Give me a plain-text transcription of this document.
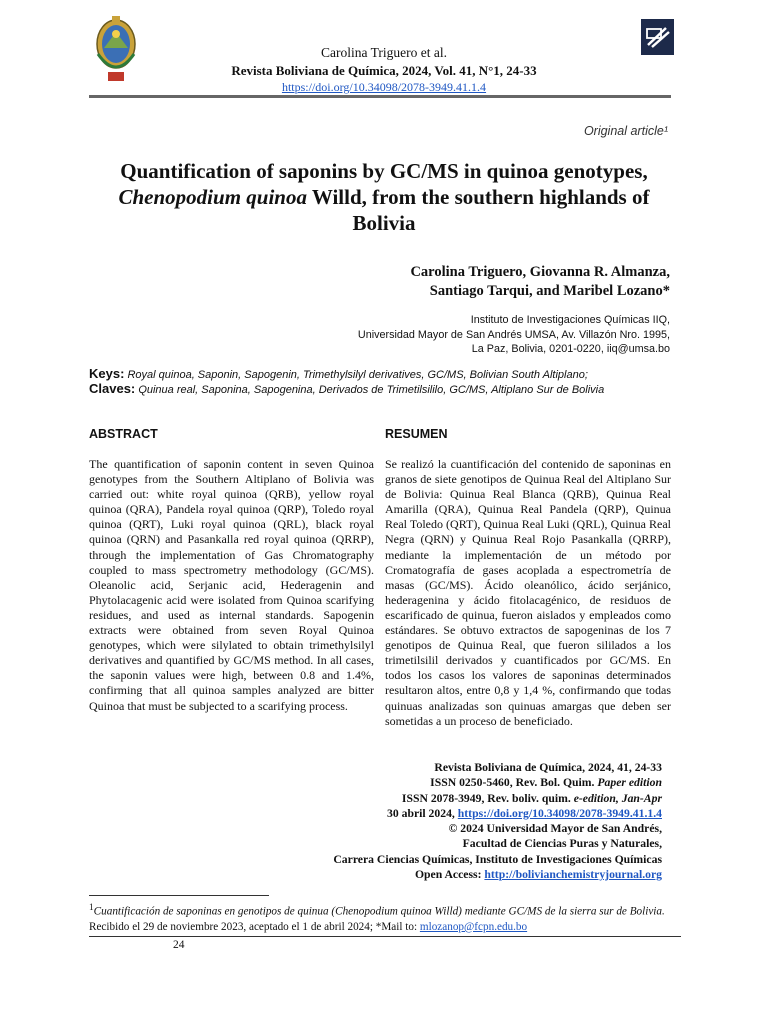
Carolina Triguero et al.
Revista Boliviana de Química, 2024, Vol. 41, N°1, 24-33
https://doi.org/10.34098/2078-3949.41.1.4
Original article¹
Quantification of saponins by GC/MS in quinoa genotypes,
Chenopodium quinoa Willd, from the southern highlands of Bolivia
Carolina Triguero, Giovanna R. Almanza,
Santiago Tarqui, and Maribel Lozano*
Instituto de Investigaciones Químicas IIQ,
Universidad Mayor de San Andrés UMSA, Av. Villazón Nro. 1995,
La Paz, Bolivia, 0201-0220, iiq@umsa.bo
Keys: Royal quinoa, Saponin, Sapogenin, Trimethylsilyl derivatives, GC/MS, Bolivian South Altiplano;
Claves: Quinua real, Saponina, Sapogenina, Derivados de Trimetilsililo, GC/MS, Altiplano Sur de Bolivia
ABSTRACT	RESUMEN
The quantification of saponin content in seven Quinoa genotypes from the Southern Altiplano of Bolivia was carried out: white royal quinoa (QRB), yellow royal quinoa (QRA), Pandela royal quinoa (QRP), Toledo royal quinoa (QRT), Luki royal quinoa (QRL), black royal quinoa (QRN) and Pasankalla red royal quinoa (QRRP), through the implementation of Gas Chromatography coupled to mass spectrometry methodology (GC/MS). Oleanolic acid, Serjanic acid, Hederagenin and Phytolacagenic acid were isolated from Quinoa scarifying residues, and used as internal standards. Sapogenin extracts were obtained from seven Royal Quinoa genotypes, which were silylated to obtain trimethylsilyl derivatives and quantified by GC/MS method. In all cases, the saponin values were high, between 0.8 and 1.4%, confirming that all quinoa samples analyzed are bitter Quinoa that must be subjected to a scarifying process.
Se realizó la cuantificación del contenido de saponinas en granos de siete genotipos de Quinua Real del Altiplano Sur de Bolivia: Quinua Real Blanca (QRB), Quinua Real Amarilla (QRA), Quinua Real Pandela (QRP), Quinua Real Toledo (QRT), Quinua Real Luki (QRL), Quinua Real Negra (QRN) y Quinua Real Rojo Pasankalla (QRRP), mediante la implementación de un método por Cromatografía de gases acoplada a espectrometría de masas (GC/MS). Ácido oleanólico, ácido serjánico, hederagenina y ácido fitolacagénico, de residuos de escarificado de quinua, fueron aislados y empleados como estándares. Se obtuvo extractos de sapogeninas de los 7 genotipos de Quinua Real, que fueron sililados a los trimetilsilil derivados y cuantificados por GC/MS. En todos los casos los valores de saponinas determinados resultaron altos, entre 0,8 y 1,4 %, confirmando que todas quinuas analizadas son quinuas amargas que deben ser sometidas a un proceso de beneficiado.
Revista Boliviana de Química, 2024, 41, 24-33
ISSN 0250-5460, Rev. Bol. Quim. Paper edition
ISSN 2078-3949, Rev. boliv. quim. e-edition, Jan-Apr
30 abril 2024, https://doi.org/10.34098/2078-3949.41.1.4
© 2024 Universidad Mayor de San Andrés,
Facultad de Ciencias Puras y Naturales,
Carrera Ciencias Químicas, Instituto de Investigaciones Químicas
Open Access: http://bolivianchemistryjournal.org
$^1$Cuantificación de saponinas en genotipos de quinua (Chenopodium quinoa Willd) mediante GC/MS de la sierra sur de Bolivia. Recibido el 29 de noviembre 2023, aceptado el 1 de abril 2024; *Mail to: mlozanop@fcpn.edu.bo
24
